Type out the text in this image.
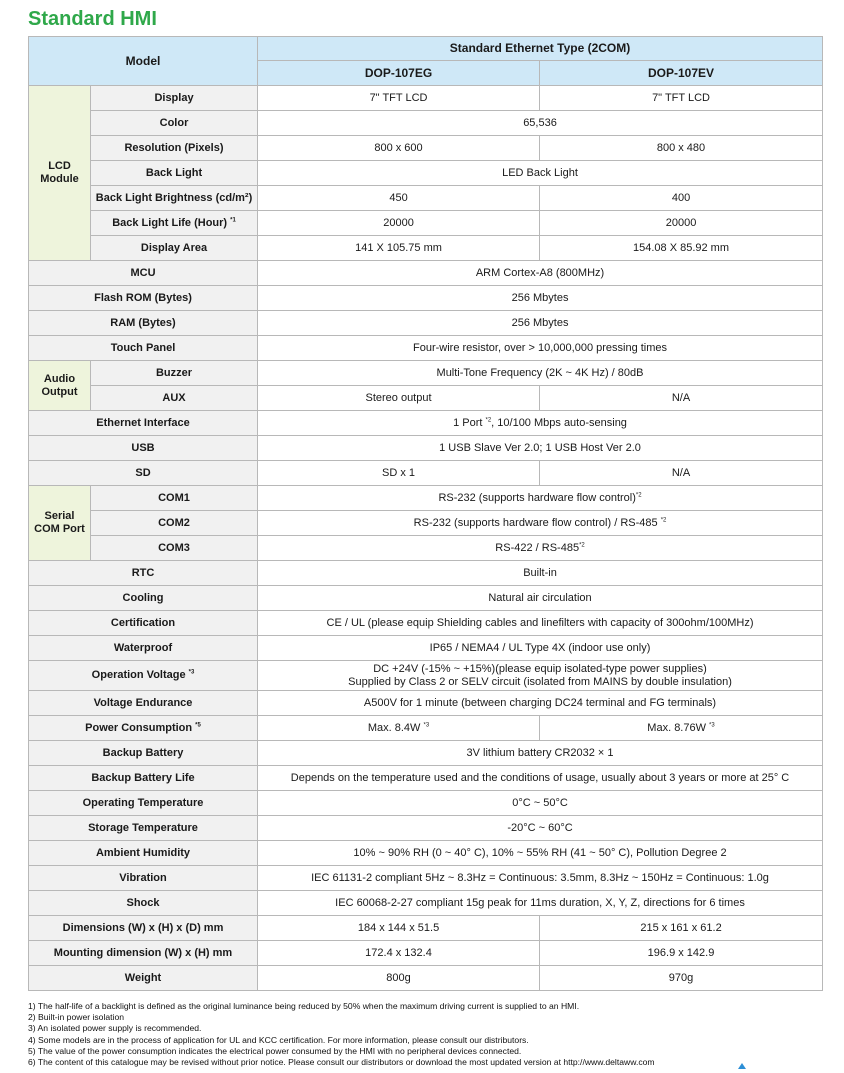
Standard HMI
Model		Standard Ethernet Type (2COM)	
		DOP-107EG	DOP-107EV
LCD Module	Display	7" TFT LCD	7" TFT LCD
	Color	65,536	
	Resolution (Pixels)	800 x 600	800 x 480
	Back Light	LED Back Light	
	Back Light Brightness (cd/m²)	450	400
	Back Light Life (Hour) $^{*1}$	20000	20000
	Display Area	141 X 105.75 mm	154.08 X 85.92 mm
MCU		ARM Cortex-A8 (800MHz)	
Flash ROM (Bytes)		256 Mbytes	
RAM (Bytes)		256 Mbytes	
Touch Panel		Four-wire resistor, over > 10,000,000 pressing times	
Audio Output	Buzzer	Multi-Tone Frequency (2K ~ 4K Hz) / 80dB	
	AUX	Stereo output	N/A
Ethernet Interface		1 Port $^{*2}$, 10/100 Mbps auto-sensing	
USB		1 USB Slave Ver 2.0; 1 USB Host Ver 2.0	
SD		SD x 1	N/A
Serial COM Port	COM1	RS-232 (supports hardware flow control)$^{*2}$
	COM2	RS-232 (supports hardware flow control) / RS-485 $^{*2}$
	COM3	RS-422 / RS-485$^{*2}$
RTC		Built-in	
Cooling		Natural air circulation	
Certification		CE / UL (please equip Shielding cables and linefilters with capacity of 300ohm/100MHz)	
Waterproof		IP65 / NEMA4 / UL Type 4X (indoor use only)	
Operation Voltage $^{*3}$		DC +24V (-15% ~ +15%)(please equip isolated-type power supplies)
Supplied by Class 2 or SELV circuit (isolated from MAINS by double insulation)	

Voltage Endurance		A500V for 1 minute (between charging DC24 terminal and FG terminals)	
Power Consumption $^{*5}$		Max. 8.4W $^{*3}$	Max. 8.76W $^{*3}$
Backup Battery		3V lithium battery CR2032 × 1	
Backup Battery Life		Depends on the temperature used and the conditions of usage, usually about 3 years or more at 25° C	
Operating Temperature		0°C ~ 50°C	
Storage Temperature		-20°C ~ 60°C	
Ambient Humidity		10% ~ 90% RH (0 ~ 40° C), 10% ~ 55% RH (41 ~ 50° C), Pollution Degree 2	
Vibration		IEC 61131-2 compliant 5Hz ~ 8.3Hz = Continuous: 3.5mm, 8.3Hz ~ 150Hz = Continuous: 1.0g	
Shock		IEC 60068-2-27 compliant 15g peak for 11ms duration, X, Y, Z, directions for 6 times	
Dimensions (W) x (H) x (D) mm		184 x 144 x 51.5	215 x 161 x 61.2
Mounting dimension (W) x (H) mm		172.4 x 132.4	196.9 x 142.9
Weight		800g	970g
1) The half-life of a backlight is defined as the original luminance being reduced by 50% when the maximum driving current is supplied to an HMI.
2) Built-in power isolation
3) An isolated power supply is recommended.
4) Some models are in the process of application for UL and KCC certification. For more information, please consult our distributors.
5) The value of the power consumption indicates the electrical power consumed by the HMI with no peripheral devices connected.
6) The content of this catalogue may be revised without prior notice. Please consult our distributors or download the most updated version at http://www.deltaww.com
